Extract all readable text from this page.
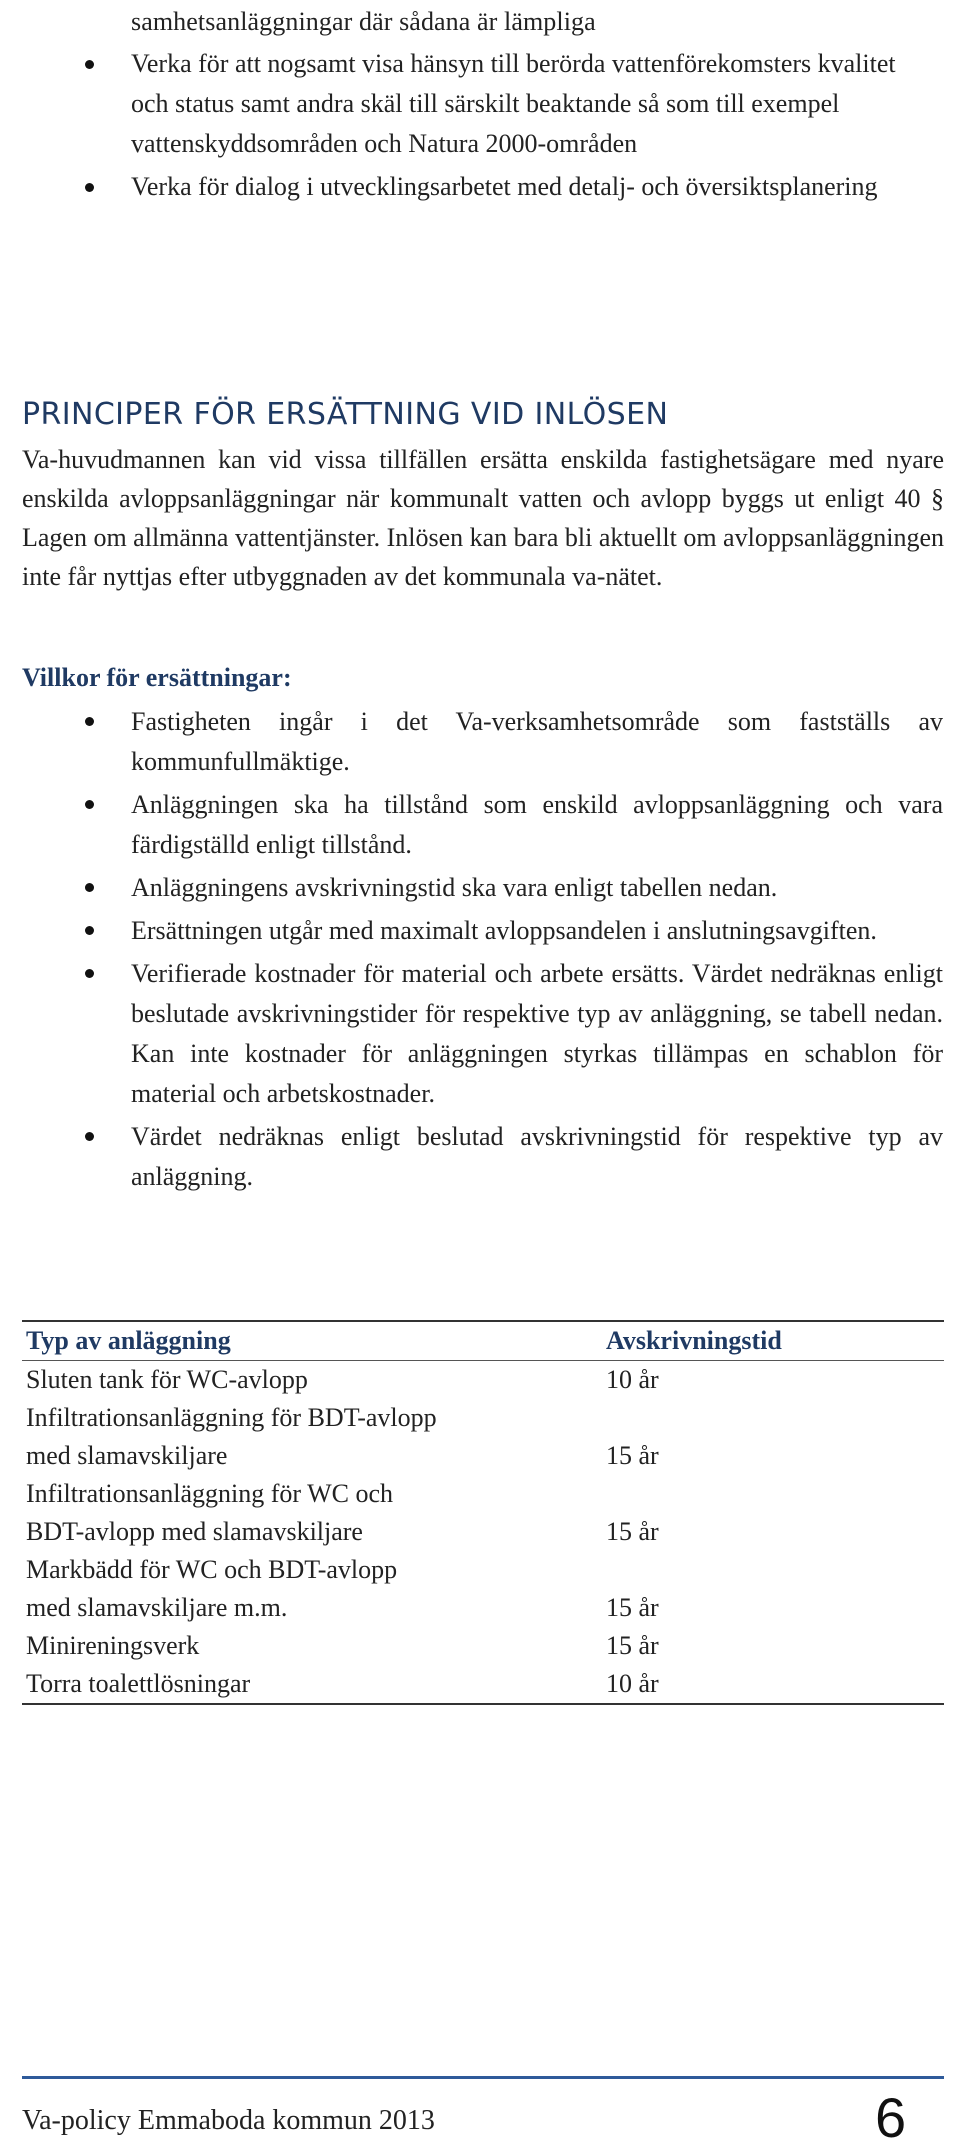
samhetsanläggningar där sådana är lämpliga
Verka för att nogsamt visa hänsyn till berörda vattenförekomsters kvalitet och status samt andra skäl till särskilt beaktande så som till exempel vattenskyddsområden och Natura 2000-områden
Verka för dialog i utvecklingsarbetet med detalj- och översiktsplanering
PRINCIPER FÖR ERSÄTTNING VID INLÖSEN

Va-huvudmannen kan vid vissa tillfällen ersätta enskilda fastighetsägare med nyare enskilda avloppsanläggningar när kommunalt vatten och avlopp byggs ut enligt 40 § Lagen om allmänna vattentjänster. Inlösen kan bara bli aktuellt om avloppsanläggningen inte får nyttjas efter utbyggnaden av det kommunala va-nätet.

Villkor för ersättningar:
Fastigheten ingår i det Va-verksamhetsområde som fastställs av kommunfullmäktige.
Anläggningen ska ha tillstånd som enskild avloppsanläggning och vara färdigställd enligt tillstånd.
Anläggningens avskrivningstid ska vara enligt tabellen nedan.
Ersättningen utgår med maximalt avloppsandelen i anslutningsavgiften.
Verifierade kostnader för material och arbete ersätts. Värdet nedräknas enligt beslutade avskrivningstider för respektive typ av anläggning, se tabell nedan. Kan inte kostnader för anläggningen styrkas tillämpas en schablon för material och arbetskostnader.
Värdet nedräknas enligt beslutad avskrivningstid för respektive typ av anläggning.
Typ av anläggning	Avskrivningstid
Sluten tank för WC-avlopp	10 år
Infiltrationsanläggning för BDT-avlopp
med slamavskiljare	15 år
Infiltrationsanläggning för WC och
BDT-avlopp med slamavskiljare	15 år
Markbädd för WC och BDT-avlopp
med slamavskiljare m.m.	15 år
Minireningsverk	15 år
Torra toalettlösningar	10 år
Va-policy Emmaboda kommun 2013	6
